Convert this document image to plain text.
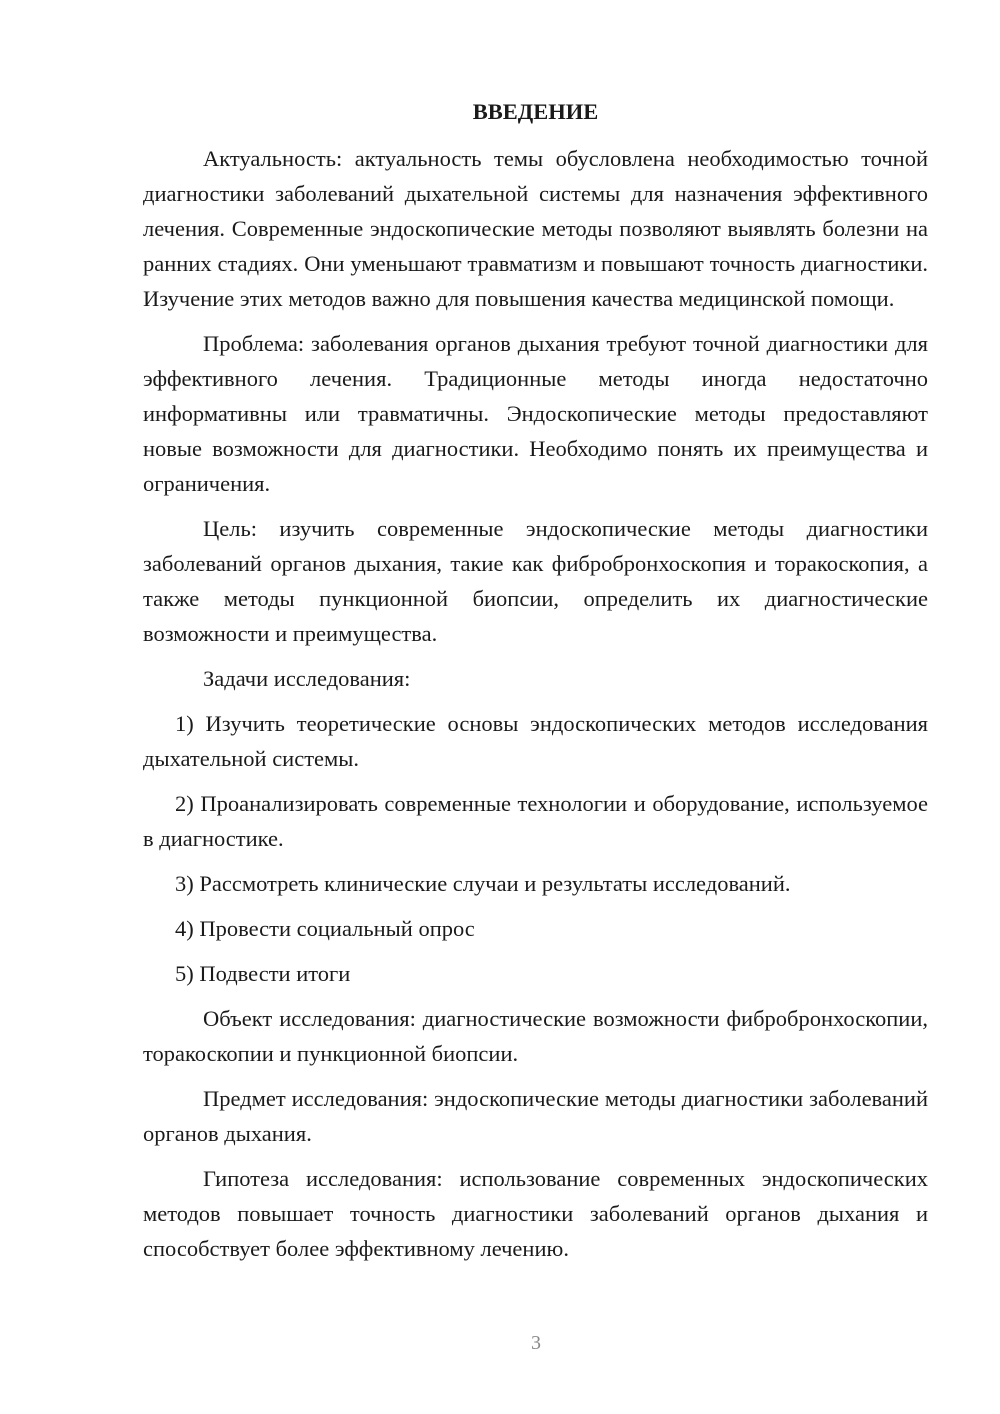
ВВЕДЕНИЕ

Актуальность: актуальность темы обусловлена необходимостью точной диагностики заболеваний дыхательной системы для назначения эффективного лечения. Современные эндоскопические методы позволяют выявлять болезни на ранних стадиях. Они уменьшают травматизм и повышают точность диагностики. Изучение этих методов важно для повышения качества медицинской помощи.

Проблема: заболевания органов дыхания требуют точной диагностики для эффективного лечения. Традиционные методы иногда недостаточно информативны или травматичны. Эндоскопические методы предоставляют новые возможности для диагностики. Необходимо понять их преимущества и ограничения.

Цель: изучить современные эндоскопические методы диагностики заболеваний органов дыхания, такие как фибробронхоскопия и торакоскопия, а также методы пункционной биопсии, определить их диагностические возможности и преимущества.

Задачи исследования:

1) Изучить теоретические основы эндоскопических методов исследования дыхательной системы.

2) Проанализировать современные технологии и оборудование, используемое в диагностике.

3) Рассмотреть клинические случаи и результаты исследований.

4) Провести социальный опрос

5) Подвести итоги

Объект исследования: диагностические возможности фибробронхоскопии, торакоскопии и пункционной биопсии.

Предмет исследования: эндоскопические методы диагностики заболеваний органов дыхания.

Гипотеза исследования: использование современных эндоскопических методов повышает точность диагностики заболеваний органов дыхания и способствует более эффективному лечению.

3
